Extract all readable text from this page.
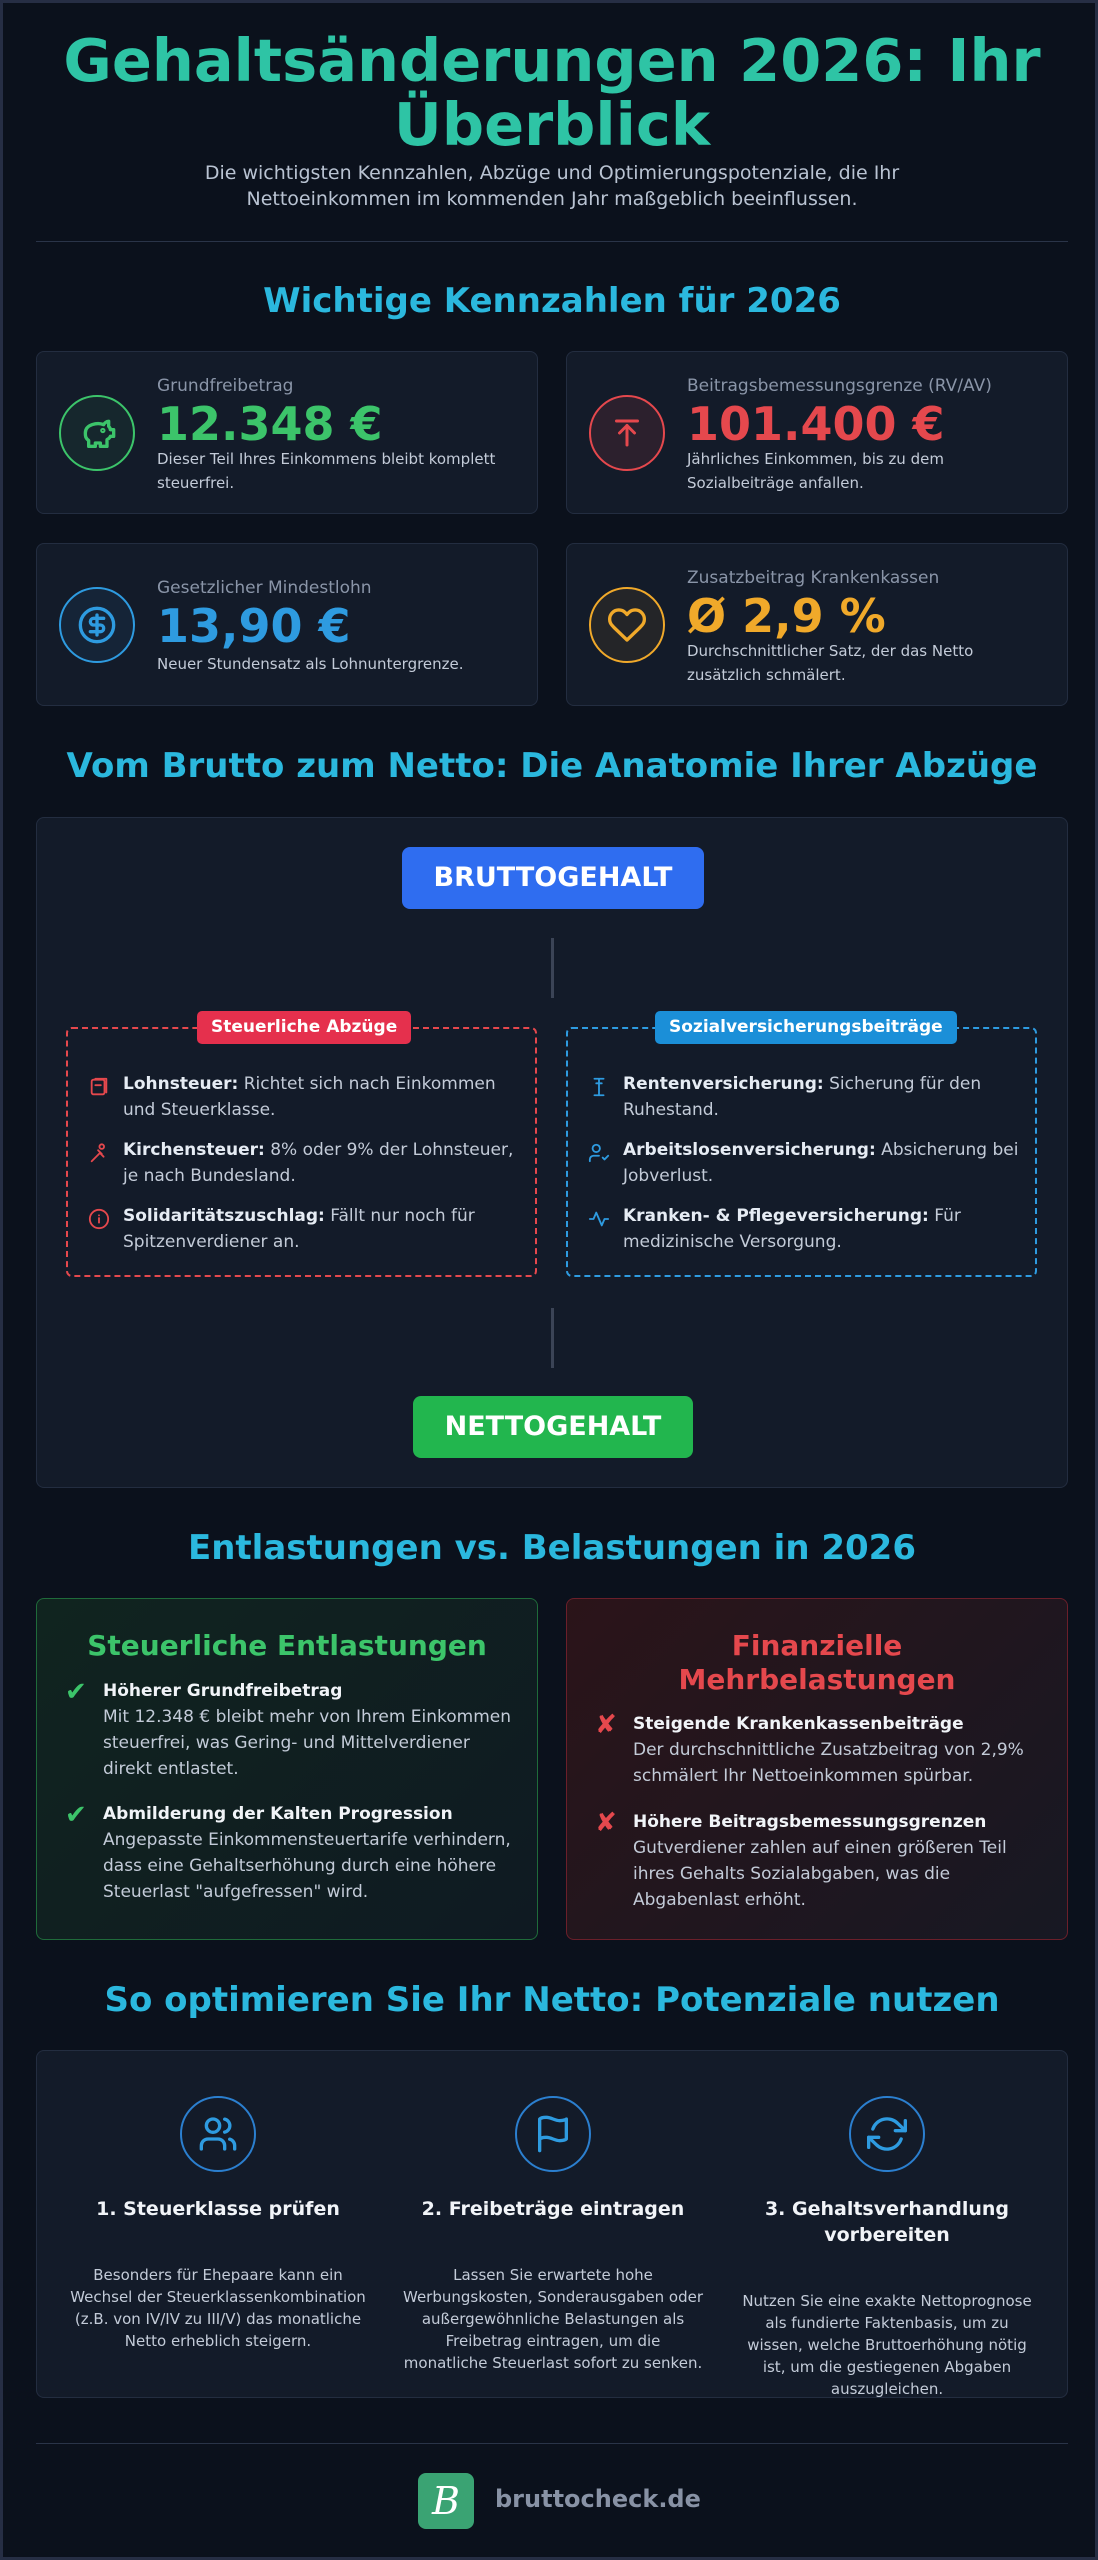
Gehaltsänderungen 2026: Ihr Überblick

Die wichtigsten Kennzahlen, Abzüge und Optimierungspotenziale, die Ihr Nettoeinkommen im kommenden Jahr maßgeblich beeinflussen.

Wichtige Kennzahlen für 2026
Grundfreibetrag
12.348 €
Dieser Teil Ihres Einkommens bleibt komplett steuerfrei.
Beitragsbemessungsgrenze (RV/AV)
101.400 €
Jährliches Einkommen, bis zu dem Sozialbeiträge anfallen.
Gesetzlicher Mindestlohn
13,90 €
Neuer Stundensatz als Lohnuntergrenze.
Zusatzbeitrag Krankenkassen
Ø 2,9 %
Durchschnittlicher Satz, der das Netto zusätzlich schmälert.
Vom Brutto zum Netto: Die Anatomie Ihrer Abzüge
BRUTTOGEHALT
Steuerliche Abzüge

Lohnsteuer: Richtet sich nach Einkommen und Steuerklasse.

Kirchensteuer: 8% oder 9% der Lohnsteuer, je nach Bundesland.

Solidaritätszuschlag: Fällt nur noch für Spitzenverdiener an.

Sozialversicherungsbeiträge

Rentenversicherung: Sicherung für den Ruhestand.

Arbeitslosenversicherung: Absicherung bei Jobverlust.

Kranken- & Pflegeversicherung: Für medizinische Versorgung.

NETTOGEHALT
Entlastungen vs. Belastungen in 2026
Steuerliche Entlastungen
✔ Höherer Grundfreibetrag
Mit 12.348 € bleibt mehr von Ihrem Einkommen steuerfrei, was Gering- und Mittelverdiener direkt entlastet.
✔ Abmilderung der Kalten Progression
Angepasste Einkommensteuertarife verhindern, dass eine Gehaltserhöhung durch eine höhere Steuerlast "aufgefressen" wird.
Finanzielle Mehrbelastungen
✘ Steigende Krankenkassenbeiträge
Der durchschnittliche Zusatzbeitrag von 2,9% schmälert Ihr Nettoeinkommen spürbar.
✘ Höhere Beitragsbemessungsgrenzen
Gutverdiener zahlen auf einen größeren Teil ihres Gehalts Sozialabgaben, was die Abgabenlast erhöht.
So optimieren Sie Ihr Netto: Potenziale nutzen
1. Steuerklasse prüfen
Besonders für Ehepaare kann ein Wechsel der Steuerklassenkombination (z.B. von IV/IV zu III/V) das monatliche Netto erheblich steigern.
2. Freibeträge eintragen
Lassen Sie erwartete hohe Werbungskosten, Sonderausgaben oder außergewöhnliche Belastungen als Freibetrag eintragen, um die monatliche Steuerlast sofort zu senken.
3. Gehaltsverhandlung vorbereiten
Nutzen Sie eine exakte Nettoprognose als fundierte Faktenbasis, um zu wissen, welche Bruttoerhöhung nötig ist, um die gestiegenen Abgaben auszugleichen.
B	bruttocheck.de
